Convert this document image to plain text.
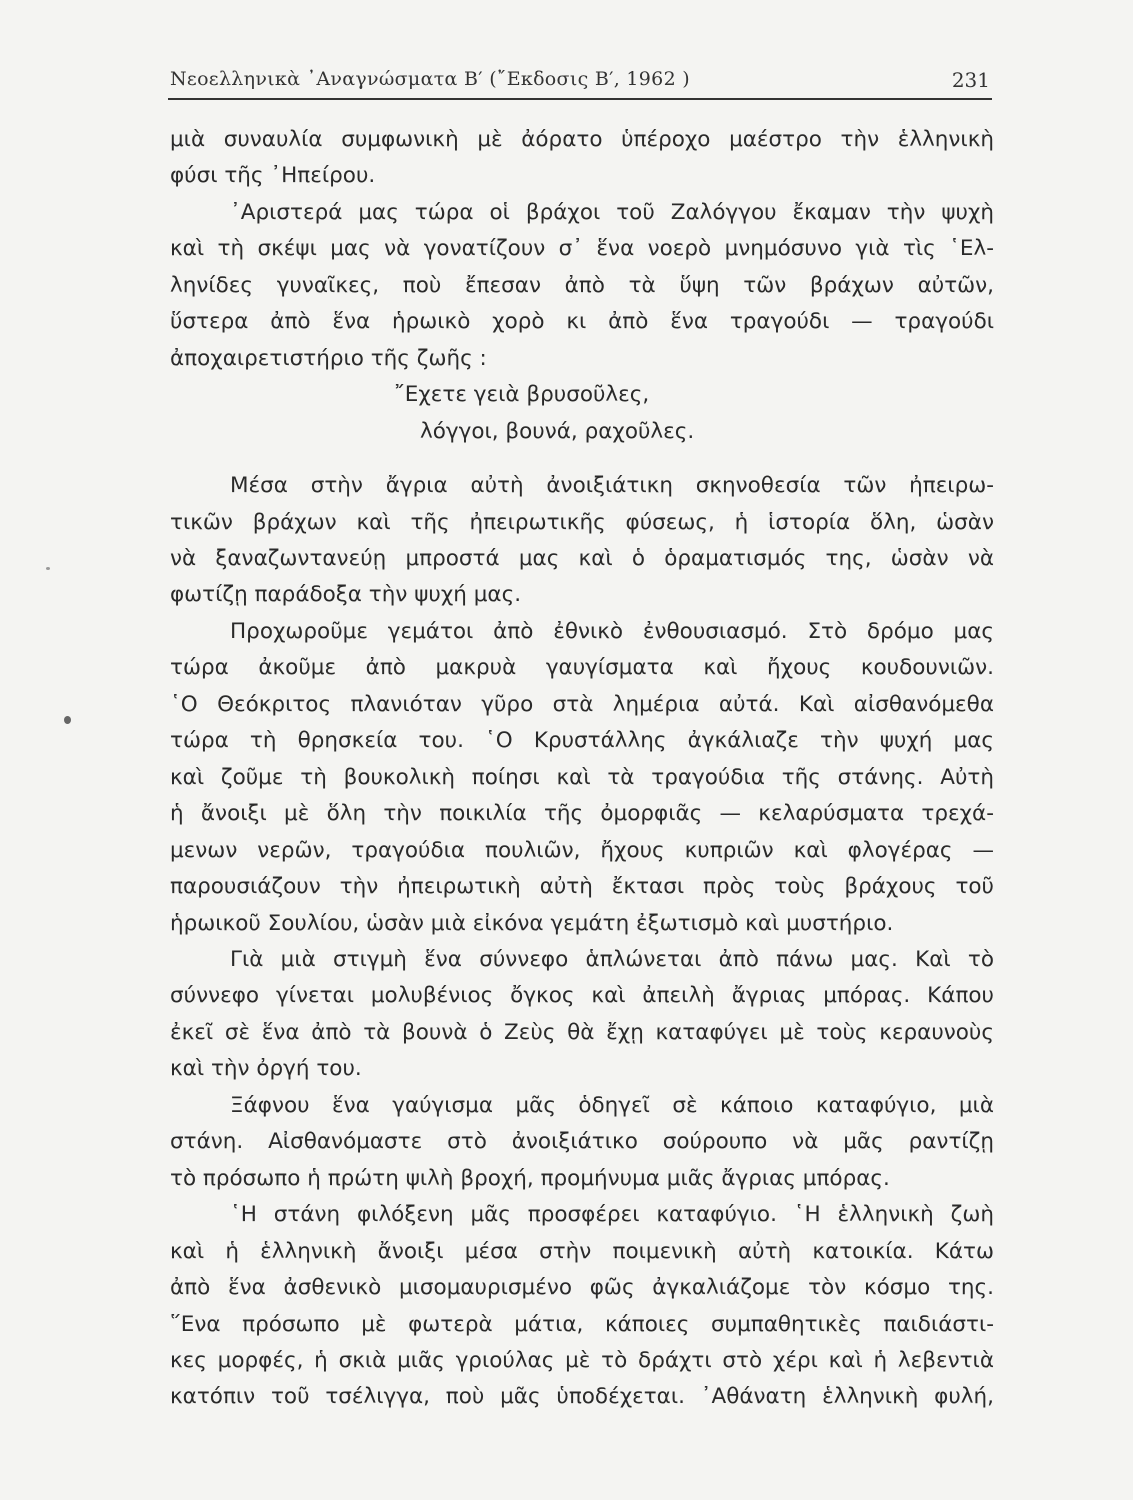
Νεοελληνικὰ ᾿Αναγνώσματα Β′ (῎Εκδοσις Β′, 1962 )	231
μιὰ συναυλία συμφωνικὴ μὲ ἀόρατο ὑπέροχο μαέστρο τὴν ἑλληνικὴ
φύσι τῆς ᾿Ηπείρου.
᾿Αριστερά μας τώρα οἱ βράχοι τοῦ Ζαλόγγου ἔκαμαν τὴν ψυχὴ
καὶ τὴ σκέψι μας νὰ γονατίζουν σ᾿ ἕνα νοερὸ μνημόσυνο γιὰ τὶς ῾Ελ-
ληνίδες γυναῖκες, ποὺ ἔπεσαν ἀπὸ τὰ ὕψη τῶν βράχων αὐτῶν,
ὕστερα ἀπὸ ἕνα ἡρωικὸ χορὸ κι ἀπὸ ἕνα τραγούδι — τραγούδι
ἀποχαιρετιστήριο τῆς ζωῆς :
῎Εχετε γειὰ βρυσοῦλες,
λόγγοι, βουνά, ραχοῦλες.
Μέσα στὴν ἄγρια αὐτὴ ἀνοιξιάτικη σκηνοθεσία τῶν ἠπειρω-
τικῶν βράχων καὶ τῆς ἠπειρωτικῆς φύσεως, ἡ ἱστορία ὅλη, ὡσὰν
νὰ ξαναζωντανεύῃ μπροστά μας καὶ ὁ ὁραματισμός της, ὡσὰν νὰ
φωτίζῃ παράδοξα τὴν ψυχή μας.
Προχωροῦμε γεμάτοι ἀπὸ ἐθνικὸ ἐνθουσιασμό. Στὸ δρόμο μας
τώρα ἀκοῦμε ἀπὸ μακρυὰ γαυγίσματα καὶ ἤχους κουδουνιῶν.
῾Ο Θεόκριτος πλανιόταν γῦρο στὰ λημέρια αὐτά. Καὶ αἰσθανόμεθα
τώρα τὴ θρησκεία του. ῾Ο Κρυστάλλης ἀγκάλιαζε τὴν ψυχή μας
καὶ ζοῦμε τὴ βουκολικὴ ποίησι καὶ τὰ τραγούδια τῆς στάνης. Αὐτὴ
ἡ ἄνοιξι μὲ ὅλη τὴν ποικιλία τῆς ὀμορφιᾶς — κελαρύσματα τρεχά-
μενων νερῶν, τραγούδια πουλιῶν, ἤχους κυπριῶν καὶ φλογέρας —
παρουσιάζουν τὴν ἠπειρωτικὴ αὐτὴ ἔκτασι πρὸς τοὺς βράχους τοῦ
ἡρωικοῦ Σουλίου, ὡσὰν μιὰ εἰκόνα γεμάτη ἐξωτισμὸ καὶ μυστήριο.
Γιὰ μιὰ στιγμὴ ἕνα σύννεφο ἁπλώνεται ἀπὸ πάνω μας. Καὶ τὸ
σύννεφο γίνεται μολυβένιος ὄγκος καὶ ἀπειλὴ ἄγριας μπόρας. Κάπου
ἐκεῖ σὲ ἕνα ἀπὸ τὰ βουνὰ ὁ Ζεὺς θὰ ἔχῃ καταφύγει μὲ τοὺς κεραυνοὺς
καὶ τὴν ὀργή του.
Ξάφνου ἕνα γαύγισμα μᾶς ὁδηγεῖ σὲ κάποιο καταφύγιο, μιὰ
στάνη. Αἰσθανόμαστε στὸ ἀνοιξιάτικο σούρουπο νὰ μᾶς ραντίζῃ
τὸ πρόσωπο ἡ πρώτη ψιλὴ βροχή, προμήνυμα μιᾶς ἄγριας μπόρας.
῾Η στάνη φιλόξενη μᾶς προσφέρει καταφύγιο. ῾Η ἑλληνικὴ ζωὴ
καὶ ἡ ἑλληνικὴ ἄνοιξι μέσα στὴν ποιμενικὴ αὐτὴ κατοικία. Κάτω
ἀπὸ ἕνα ἀσθενικὸ μισομαυρισμένο φῶς ἀγκαλιάζομε τὸν κόσμο της.
῞Ενα πρόσωπο μὲ φωτερὰ μάτια, κάποιες συμπαθητικὲς παιδιάστι-
κες μορφές, ἡ σκιὰ μιᾶς γριούλας μὲ τὸ δράχτι στὸ χέρι καὶ ἡ λεβεντιὰ
κατόπιν τοῦ τσέλιγγα, ποὺ μᾶς ὑποδέχεται. ᾿Αθάνατη ἑλληνικὴ φυλή,
